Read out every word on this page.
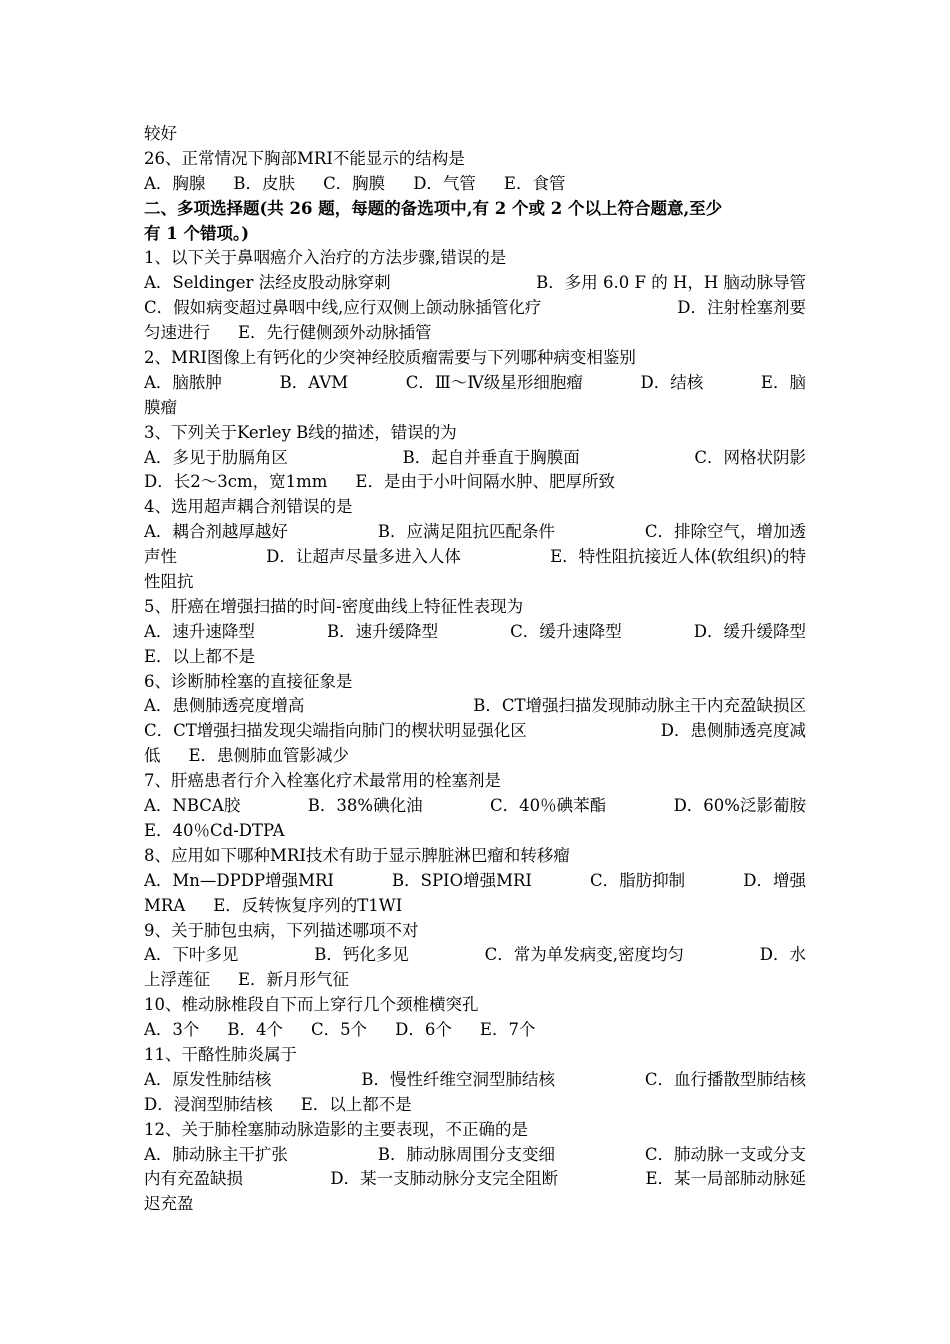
较好
26、正常情况下胸部MRI不能显示的结构是
A．胸腺 B．皮肤 C．胸膜 D．气管 E．食管
二、多项选择题(共 26 题，每题的备选项中,有 2 个或 2 个以上符合题意,至少
有 1 个错项。)
1、以下关于鼻咽癌介入治疗的方法步骤,错误的是
A．Seldinger 法经皮股动脉穿刺	B．多用 6.0 F 的 H，H 脑动脉导管
C．假如病变超过鼻咽中线,应行双侧上颌动脉插管化疗	D．注射栓塞剂要
匀速进行 E．先行健侧颈外动脉插管
2、MRI图像上有钙化的少突神经胶质瘤需要与下列哪种病变相鉴别
A．脑脓肿	B．AVM	C．Ⅲ～Ⅳ级星形细胞瘤	D．结核	E．脑
膜瘤
3、下列关于Kerley B线的描述，错误的为
A．多见于肋膈角区	B．起自并垂直于胸膜面	C．网格状阴影
D．长2～3cm，宽1mm E．是由于小叶间隔水肿、肥厚所致
4、选用超声耦合剂错误的是
A．耦合剂越厚越好	B．应满足阻抗匹配条件	C．排除空气，增加透
声性	D．让超声尽量多进入人体	E．特性阻抗接近人体(软组织)的特
性阻抗
5、肝癌在增强扫描的时间-密度曲线上特征性表现为
A．速升速降型	B．速升缓降型	C．缓升速降型	D．缓升缓降型
E．以上都不是
6、诊断肺栓塞的直接征象是
A．患侧肺透亮度增高	B．CT增强扫描发现肺动脉主干内充盈缺损区
C．CT增强扫描发现尖端指向肺门的楔状明显强化区	D．患侧肺透亮度减
低 E．患侧肺血管影减少
7、肝癌患者行介入栓塞化疗术最常用的栓塞剂是
A．NBCA胶	B．38%碘化油	C．40％碘苯酯	D．60%泛影葡胺
E．40％Cd-DTPA
8、应用如下哪种MRI技术有助于显示脾脏淋巴瘤和转移瘤
A．Mn—DPDP增强MRI	B．SPIO增强MRI	C．脂肪抑制	D．增强
MRA E．反转恢复序列的T1WI
9、关于肺包虫病，下列描述哪项不对
A．下叶多见	B．钙化多见	C．常为单发病变,密度均匀	D．水
上浮莲征 E．新月形气征
10、椎动脉椎段自下而上穿行几个颈椎横突孔
A．3个 B．4个 C．5个 D．6个 E．7个
11、干酪性肺炎属于
A．原发性肺结核	B．慢性纤维空洞型肺结核	C．血行播散型肺结核
D．浸润型肺结核 E．以上都不是
12、关于肺栓塞肺动脉造影的主要表现，不正确的是
A．肺动脉主干扩张	B．肺动脉周围分支变细	C．肺动脉一支或分支
内有充盈缺损	D．某一支肺动脉分支完全阻断	E．某一局部肺动脉延
迟充盈
